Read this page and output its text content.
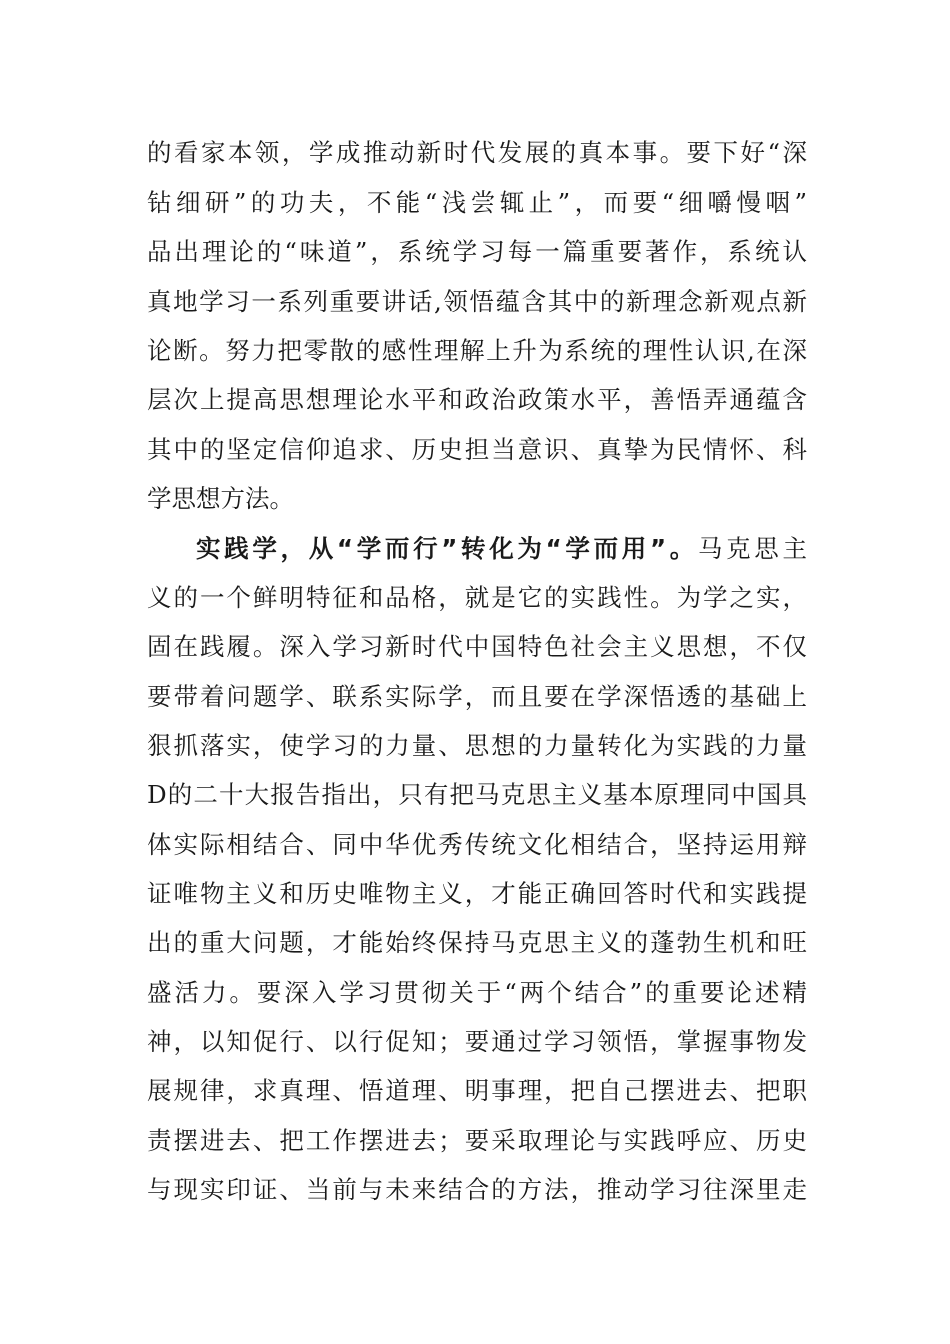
的看家本领，学成推动新时代发展的真本事。要下好“深
钻细研”的功夫，不能“浅尝辄止”，而要“细嚼慢咽”
品出理论的“味道”，系统学习每一篇重要著作，系统认
真地学习一系列重要讲话,领悟蕴含其中的新理念新观点新
论断。努力把零散的感性理解上升为系统的理性认识,在深
层次上提高思想理论水平和政治政策水平，善悟弄通蕴含
其中的坚定信仰追求、历史担当意识、真挚为民情怀、科
学思想方法。
实践学，从“学而行”转化为“学而用”。马克思主
义的一个鲜明特征和品格，就是它的实践性。为学之实，
固在践履。深入学习新时代中国特色社会主义思想，不仅
要带着问题学、联系实际学，而且要在学深悟透的基础上
狠抓落实，使学习的力量、思想的力量转化为实践的力量
D的二十大报告指出，只有把马克思主义基本原理同中国具
体实际相结合、同中华优秀传统文化相结合，坚持运用辩
证唯物主义和历史唯物主义，才能正确回答时代和实践提
出的重大问题，才能始终保持马克思主义的蓬勃生机和旺
盛活力。要深入学习贯彻关于“两个结合”的重要论述精
神，以知促行、以行促知；要通过学习领悟，掌握事物发
展规律，求真理、悟道理、明事理，把自己摆进去、把职
责摆进去、把工作摆进去；要采取理论与实践呼应、历史
与现实印证、当前与未来结合的方法，推动学习往深里走
